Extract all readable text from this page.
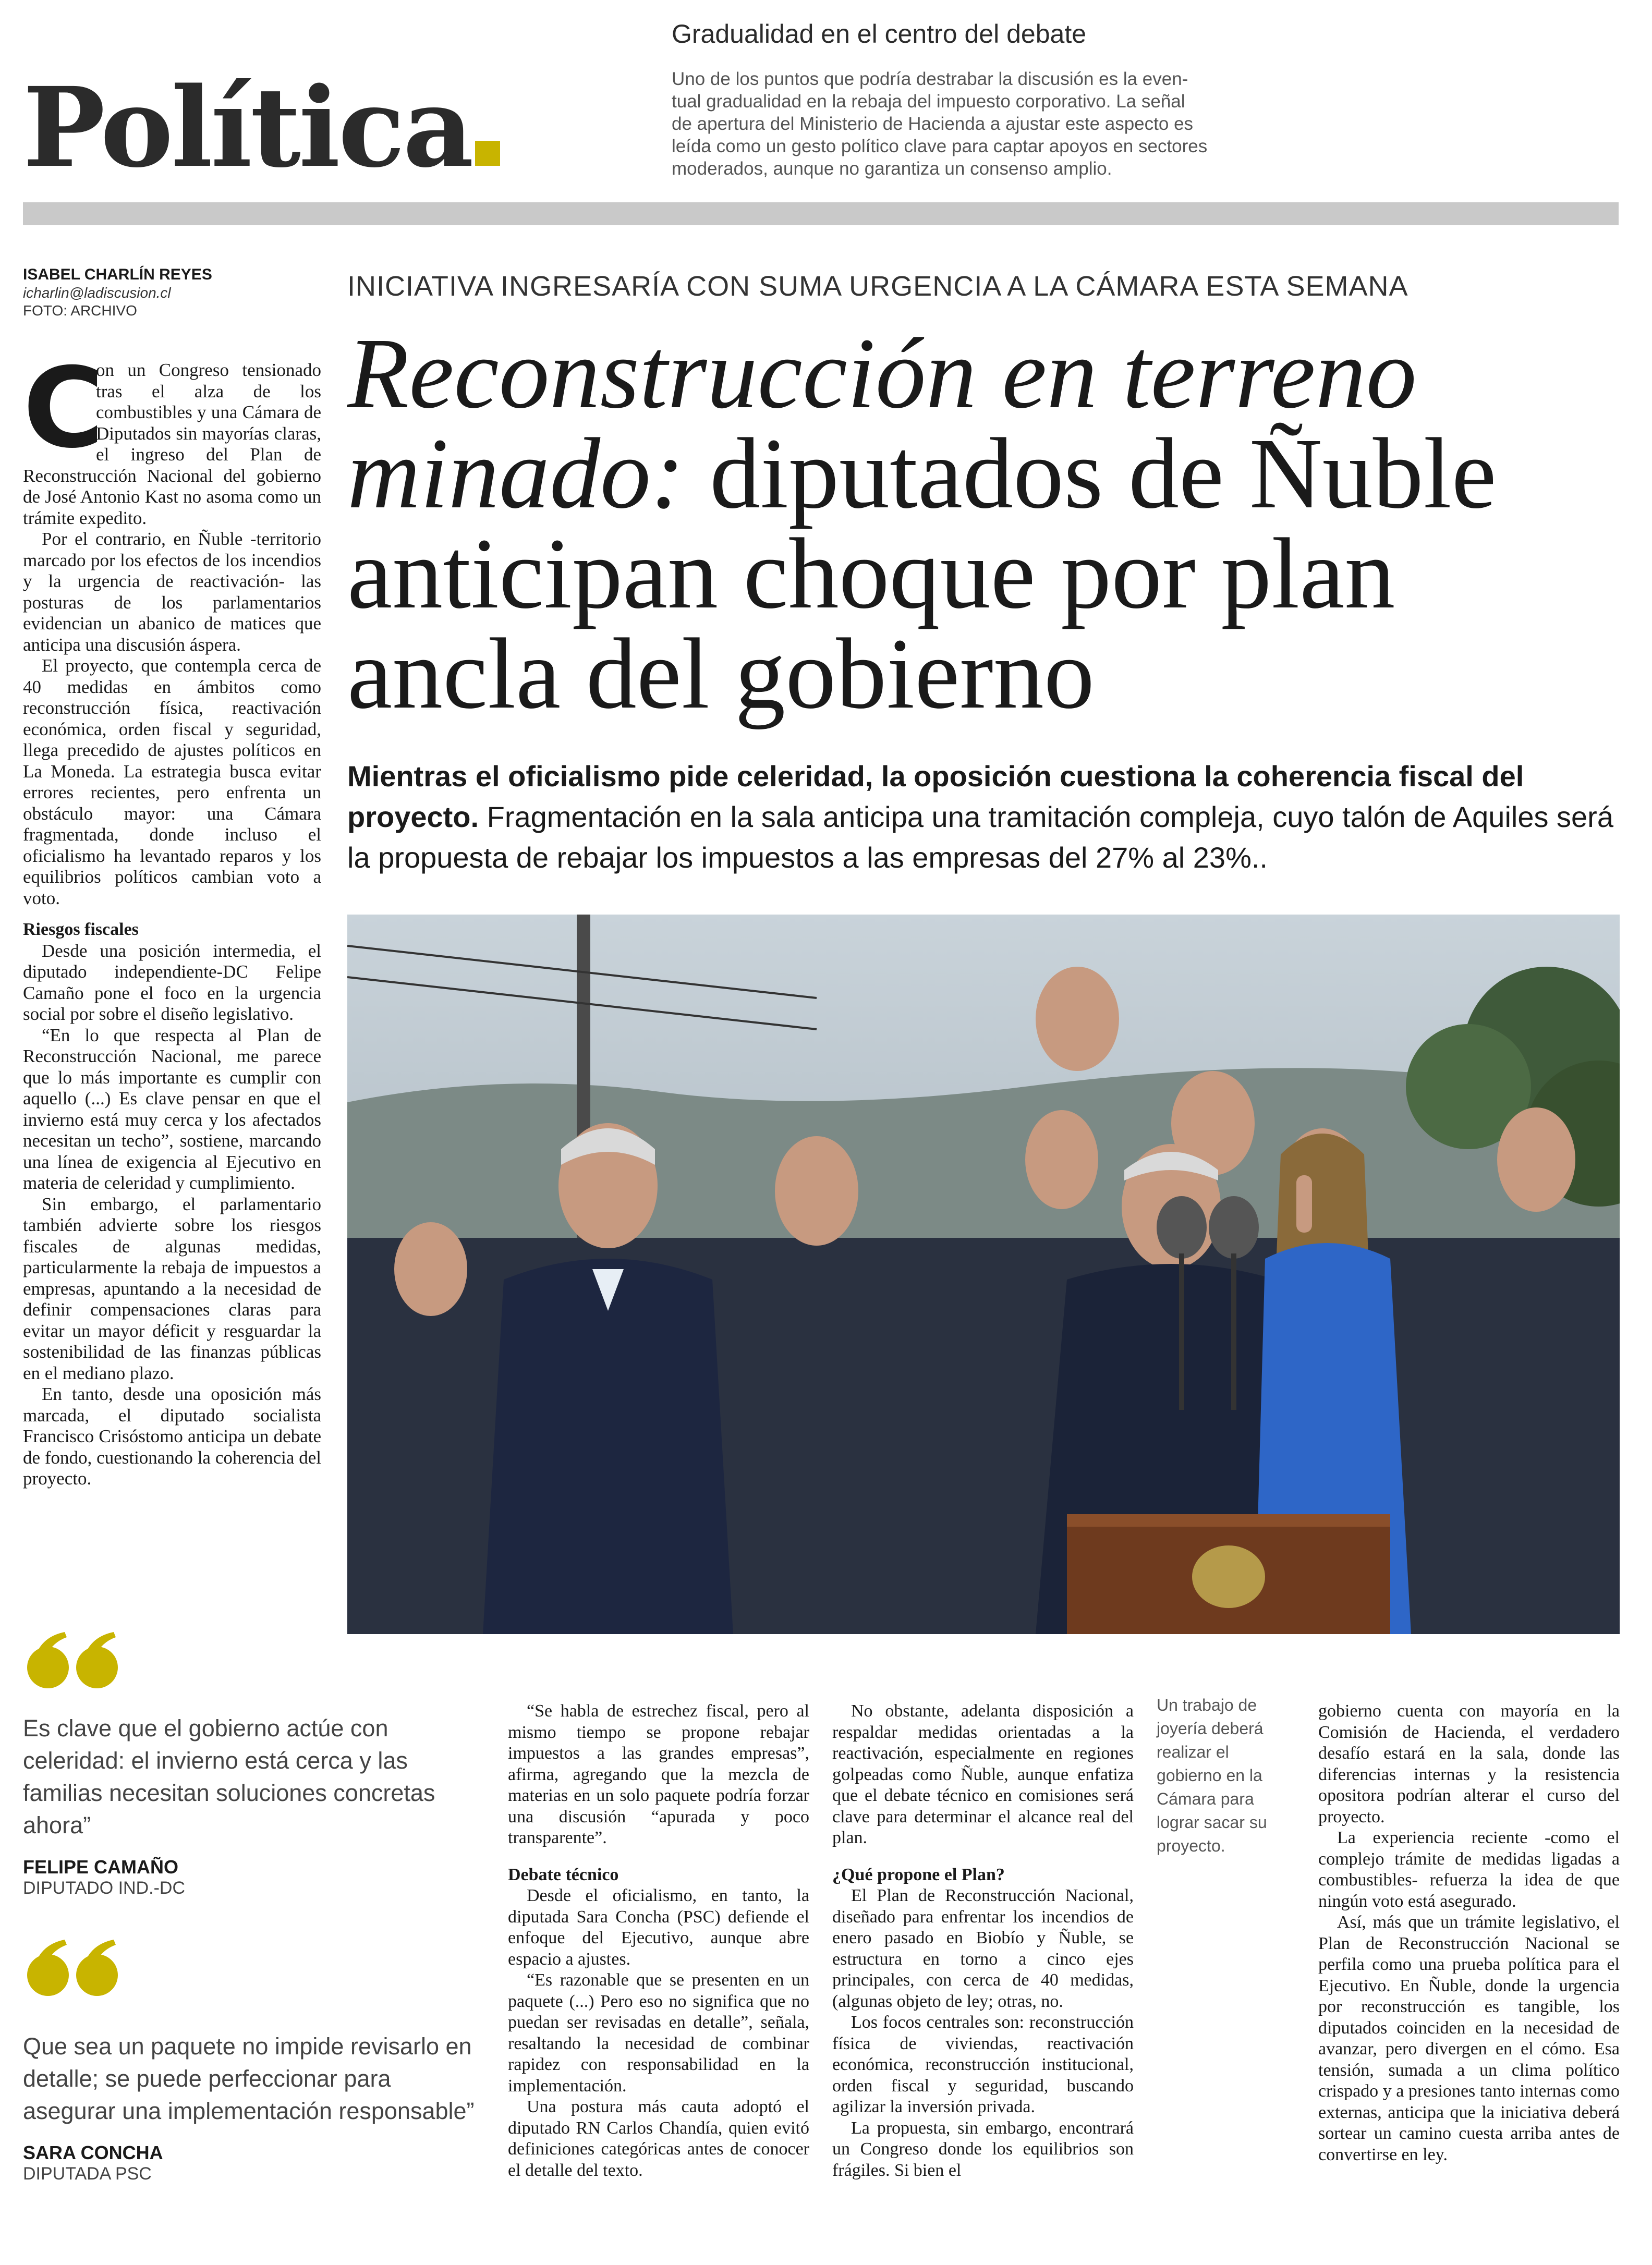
Política
Gradualidad en el centro del debate
Uno de los puntos que podría destrabar la discusión es la even-
tual gradualidad en la rebaja del impuesto corporativo. La señal
de apertura del Ministerio de Hacienda a ajustar este aspecto es
leída como un gesto político clave para captar apoyos en sectores
moderados, aunque no garantiza un consenso amplio.
ISABEL CHARLÍN REYES
icharlin@ladiscusion.cl
FOTO: ARCHIVO
INICIATIVA INGRESARÍA CON SUMA URGENCIA A LA CÁMARA ESTA SEMANA
Reconstrucción en terreno minado: diputados de Ñuble anticipan choque por plan ancla del gobierno
Mientras el oficialismo pide celeridad, la oposición cuestiona la coherencia fiscal del proyecto. Fragmentación en la sala anticipa una tramitación compleja, cuyo talón de Aquiles será la propuesta de rebajar los impuestos a las empresas del 27% al 23%..
C

on un Congreso tensionado tras el alza de los combustibles y una Cámara de Diputados sin mayorías claras, el ingreso del Plan de Reconstrucción Nacional del gobierno de José Antonio Kast no asoma como un trámite expedito.

Por el contrario, en Ñuble -territorio marcado por los efectos de los incendios y la urgencia de reactivación- las posturas de los parlamentarios evidencian un abanico de matices que anticipa una discusión áspera.

El proyecto, que contempla cerca de 40 medidas en ámbitos como reconstrucción física, reactivación económica, orden fiscal y seguridad, llega precedido de ajustes políticos en La Moneda. La estrategia busca evitar errores recientes, pero enfrenta un obstáculo mayor: una Cámara fragmentada, donde incluso el oficialismo ha levantado reparos y los equilibrios políticos cambian voto a voto.

Riesgos fiscales

Desde una posición intermedia, el diputado independiente-DC Felipe Camaño pone el foco en la urgencia social por sobre el diseño legislativo.

“En lo que respecta al Plan de Reconstrucción Nacional, me parece que lo más importante es cumplir con aquello (...) Es clave pensar en que el invierno está muy cerca y los afectados necesitan un techo”, sostiene, marcando una línea de exigencia al Ejecutivo en materia de celeridad y cumplimiento.

Sin embargo, el parlamentario también advierte sobre los riesgos fiscales de algunas medidas, particularmente la rebaja de impuestos a empresas, apuntando a la necesidad de definir compensaciones claras para evitar un mayor déficit y resguardar la sostenibilidad de las finanzas públicas en el mediano plazo.

En tanto, desde una oposición más marcada, el diputado socialista Francisco Crisóstomo anticipa un debate de fondo, cuestionando la coherencia del proyecto.

Es clave que el gobierno actúe con celeridad: el invierno está cerca y las familias necesitan soluciones concretas ahora”
FELIPE CAMAÑO
DIPUTADO IND.-DC
Que sea un paquete no impide revisarlo en detalle; se puede perfeccionar para asegurar una implementación responsable”
SARA CONCHA
DIPUTADA PSC

“Se habla de estrechez fiscal, pero al mismo tiempo se propone rebajar impuestos a las grandes empresas”, afirma, agregando que la mezcla de materias en un solo paquete podría forzar una discusión “apurada y poco transparente”.

Debate técnico

Desde el oficialismo, en tanto, la diputada Sara Concha (PSC) defiende el enfoque del Ejecutivo, aunque abre espacio a ajustes.

“Es razonable que se presenten en un paquete (...) Pero eso no significa que no puedan ser revisadas en detalle”, señala, resaltando la necesidad de combinar rapidez con responsabilidad en la implementación.

Una postura más cauta adoptó el diputado RN Carlos Chandía, quien evitó definiciones categóricas antes de conocer el detalle del texto.

No obstante, adelanta disposición a respaldar medidas orientadas a la reactivación, especialmente en regiones golpeadas como Ñuble, aunque enfatiza que el debate técnico en comisiones será clave para determinar el alcance real del plan.

¿Qué propone el Plan?

El Plan de Reconstrucción Nacional, diseñado para enfrentar los incendios de enero pasado en Biobío y Ñuble, se estructura en torno a cinco ejes principales, con cerca de 40 medidas, (algunas objeto de ley; otras, no.

Los focos centrales son: reconstrucción física de viviendas, reactivación económica, reconstrucción institucional, orden fiscal y seguridad, buscando agilizar la inversión privada.

La propuesta, sin embargo, encontrará un Congreso donde los equilibrios son frágiles. Si bien el

Un trabajo de joyería deberá realizar el gobierno en la Cámara para lograr sacar su proyecto.

gobierno cuenta con mayoría en la Comisión de Hacienda, el verdadero desafío estará en la sala, donde las diferencias internas y la resistencia opositora podrían alterar el curso del proyecto.

La experiencia reciente -como el complejo trámite de medidas ligadas a combustibles- refuerza la idea de que ningún voto está asegurado.

Así, más que un trámite legislativo, el Plan de Reconstrucción Nacional se perfila como una prueba política para el Ejecutivo. En Ñuble, donde la urgencia por reconstrucción es tangible, los diputados coinciden en la necesidad de avanzar, pero divergen en el cómo. Esa tensión, sumada a un clima político crispado y a presiones tanto internas como externas, anticipa que la iniciativa deberá sortear un camino cuesta arriba antes de convertirse en ley.
